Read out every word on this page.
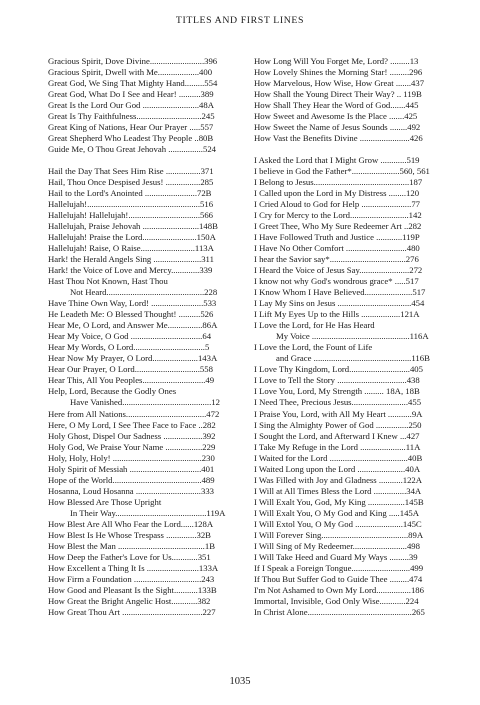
TITLES AND FIRST LINES
Gracious Spirit, Dove Divine.........................396
Gracious Spirit, Dwell with Me...................400
Great God, We Sing That Mighty Hand.........554
Great God, What Do I See and Hear! ..........389
Great Is the Lord Our God ..........................48A
Great Is Thy Faithfulness..............................245
Great King of Nations, Hear Our Prayer .....557
Great Shepherd Who Leadest Thy People ..80B
Guide Me, O Thou Great Jehovah ................524
Hail the Day That Sees Him Rise ................371
Hail, Thou Once Despised Jesus! ................285
Hail to the Lord's Anointed ........................72B
Hallelujah!....................................................516
Hallelujah! Hallelujah!.................................566
Hallelujah, Praise Jehovah ..........................148B
Hallelujah! Praise the Lord.........................150A
Hallelujah! Raise, O Raise.........................113A
Hark! the Herald Angels Sing ......................311
Hark! the Voice of Love and Mercy.............339
Hast Thou Not Known, Hast Thou
Not Heard.............................................228
Have Thine Own Way, Lord! ........................533
He Leadeth Me: O Blessed Thought! ..........526
Hear Me, O Lord, and Answer Me................86A
Hear My Voice, O God .................................64
Hear My Words, O Lord.................................5
Hear Now My Prayer, O Lord.....................143A
Hear Our Prayer, O Lord..............................558
Hear This, All You Peoples.............................49
Help, Lord, Because the Godly Ones
Have Vanished.........................................12
Here from All Nations.....................................472
Here, O My Lord, I See Thee Face to Face ..282
Holy Ghost, Dispel Our Sadness ..................392
Holy God, We Praise Your Name .................229
Holy, Holy, Holy! .........................................230
Holy Spirit of Messiah .................................401
Hope of the World.........................................489
Hosanna, Loud Hosanna ..............................333
How Blessed Are Those Upright
In Their Way..........................................119A
How Blest Are All Who Fear the Lord......128A
How Blest Is He Whose Trespass ..............32B
How Blest the Man ........................................1B
How Deep the Father's Love for Us............351
How Excellent a Thing It Is ........................133A
How Firm a Foundation ...............................243
How Good and Pleasant Is the Sight...........133B
How Great the Bright Angelic Host............382
How Great Thou Art .....................................227
How Long Will You Forget Me, Lord? .........13
How Lovely Shines the Morning Star! .........296
How Marvelous, How Wise, How Great .......437
How Shall the Young Direct Their Way? .. 119B
How Shall They Hear the Word of God.......445
How Sweet and Awesome Is the Place .......425
How Sweet the Name of Jesus Sounds ........492
How Vast the Benefits Divine .......................426
I Asked the Lord that I Might Grow ............519
I believe in God the Father*......................560, 561
I Belong to Jesus............................................187
I Called upon the Lord in My Distress ........120
I Cried Aloud to God for Help .......................77
I Cry for Mercy to the Lord...........................142
I Greet Thee, Who My Sure Redeemer Art ..282
I Have Followed Truth and Justice ............119P
I Have No Other Comfort ............................480
I hear the Savior say*...................................276
I Heard the Voice of Jesus Say.......................272
I know not why God's wondrous grace* .....517
I Know Whom I Have Believed......................517
I Lay My Sins on Jesus ..................................454
I Lift My Eyes Up to the Hills ..................121A
I Love the Lord, for He Has Heard
My Voice .............................................116A
I Love the Lord, the Fount of Life
and Grace .............................................116B
I Love Thy Kingdom, Lord............................405
I Love to Tell the Story ................................438
I Love You, Lord, My Strength ......... 18A, 18B
I Need Thee, Precious Jesus..........................455
I Praise You, Lord, with All My Heart ...........9A
I Sing the Almighty Power of God ...............250
I Sought the Lord, and Afterward I Knew ...427
I Take My Refuge in the Lord .....................11A
I Waited for the Lord ....................................40B
I Waited Long upon the Lord ......................40A
I Was Filled with Joy and Gladness ...........122A
I Will at All Times Bless the Lord ...............34A
I Will Exalt You, God, My King .................145B
I Will Exalt You, O My God and King .....145A
I Will Extol You, O My God ......................145C
I Will Forever Sing........................................89A
I Will Sing of My Redeemer.........................498
I Will Take Heed and Guard My Ways .........39
If I Speak a Foreign Tongue...........................499
If Thou But Suffer God to Guide Thee .........474
I'm Not Ashamed to Own My Lord................186
Immortal, Invisible, God Only Wise............224
In Christ Alone................................................265
1035
